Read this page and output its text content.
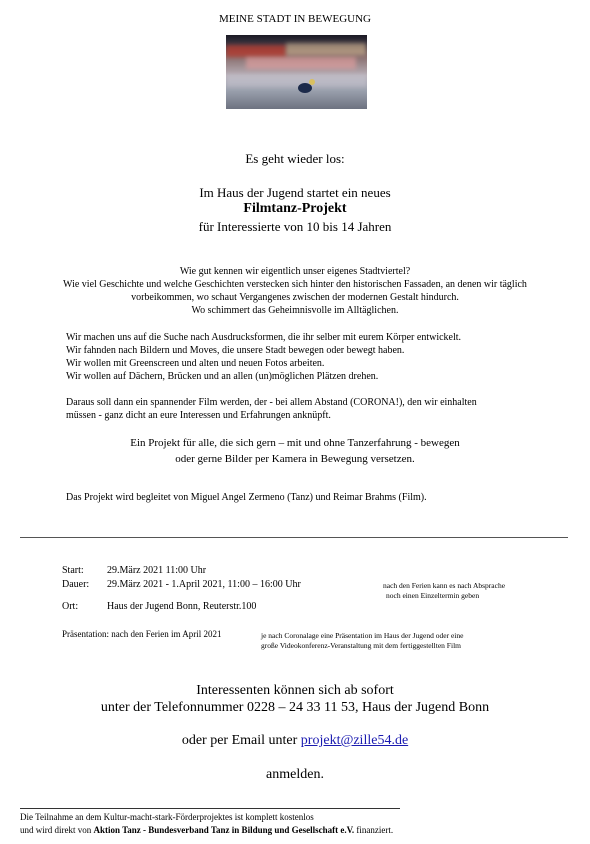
MEINE STADT IN BEWEGUNG
Es geht wieder los:
Im Haus der Jugend startet ein neues
Filmtanz-Projekt
für Interessierte von 10 bis 14 Jahren
Wie gut kennen wir eigentlich unser eigenes Stadtviertel?
Wie viel Geschichte und welche Geschichten verstecken sich hinter den historischen Fassaden, an denen wir täglich
vorbeikommen, wo schaut Vergangenes zwischen der modernen Gestalt hindurch.
Wo schimmert das Geheimnisvolle im Alltäglichen.
Wir machen uns auf die Suche nach Ausdrucksformen, die ihr selber mit eurem Körper entwickelt.
Wir fahnden nach Bildern und Moves, die unsere Stadt bewegen oder bewegt haben.
Wir wollen mit Greenscreen und alten und neuen Fotos arbeiten.
Wir wollen auf Dächern, Brücken und an allen (un)möglichen Plätzen drehen.
Daraus soll dann ein spannender Film werden, der - bei allem Abstand (CORONA!), den wir einhalten
müssen - ganz dicht an eure Interessen und Erfahrungen anknüpft.
Ein Projekt für alle, die sich gern – mit und ohne Tanzerfahrung - bewegen
oder gerne Bilder per Kamera in Bewegung versetzen.
Das Projekt wird begleitet von Miguel Angel Zermeno (Tanz) und Reimar Brahms (Film).
Start: 29.März 2021 11:00 Uhr
Dauer: 29.März 2021 - 1.April 2021, 11:00 – 16:00 Uhr	nach den Ferien kann es nach Absprache
noch einen Einzeltermin geben
Ort:	Haus der Jugend Bonn, Reuterstr.100
Präsentation: nach den Ferien im April 2021	je nach Coronalage eine Präsentation im Haus der Jugend oder eine
große Videokonferenz-Veranstaltung mit dem fertiggestellten Film
Interessenten können sich ab sofort
unter der Telefonnummer 0228 – 24 33 11 53, Haus der Jugend Bonn
oder per Email unter projekt@zille54.de
anmelden.
Die Teilnahme an dem Kultur-macht-stark-Förderprojektes ist komplett kostenlos
und wird direkt von Aktion Tanz - Bundesverband Tanz in Bildung und Gesellschaft e.V. finanziert.
